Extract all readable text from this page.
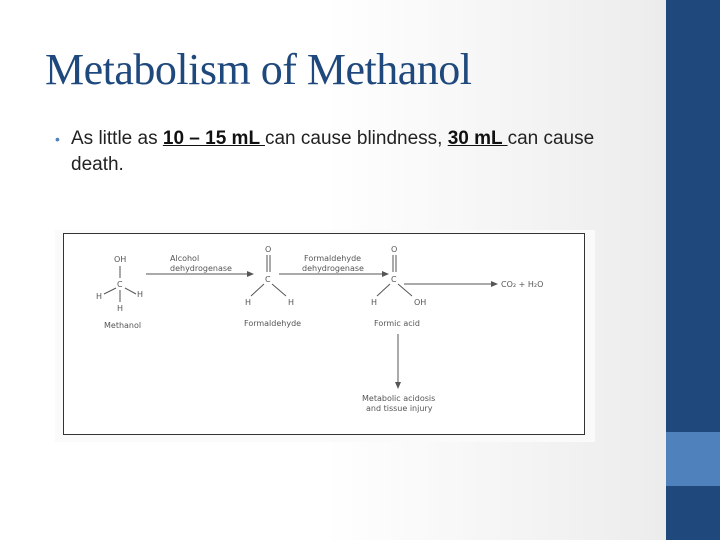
Metabolism of Methanol
• As little as 10 – 15 mL can cause blindness, 30 mL can cause death.
OH
C
H
H	H
Methanol
Alcohol
dehydrogenase
O
C
H	H
Formaldehyde
Formaldehyde
dehydrogenase
O
C
H	OH
Formic acid
CO₂ + H₂O
Metabolic acidosis
and tissue injury
